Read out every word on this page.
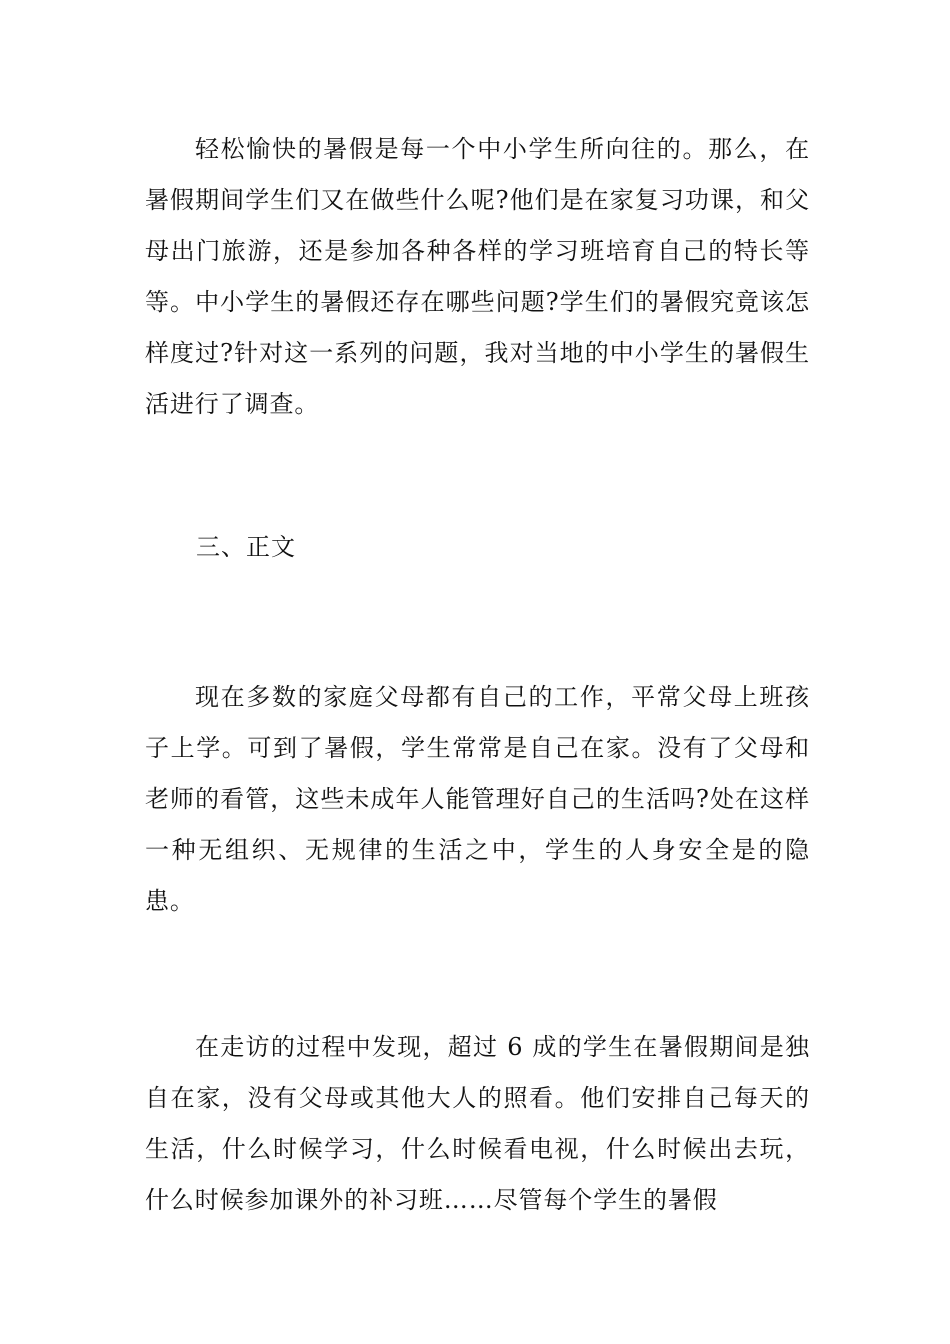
轻松愉快的暑假是每一个中小学生所向往的。那么，在暑假期间学生们又在做些什么呢?他们是在家复习功课，和父母出门旅游，还是参加各种各样的学习班培育自己的特长等等。中小学生的暑假还存在哪些问题?学生们的暑假究竟该怎样度过?针对这一系列的问题，我对当地的中小学生的暑假生活进行了调查。

三、正文

现在多数的家庭父母都有自己的工作，平常父母上班孩子上学。可到了暑假，学生常常是自己在家。没有了父母和老师的看管，这些未成年人能管理好自己的生活吗?处在这样一种无组织、无规律的生活之中，学生的人身安全是的隐患。

在走访的过程中发现，超过 6 成的学生在暑假期间是独自在家，没有父母或其他大人的照看。他们安排自己每天的生活，什么时候学习，什么时候看电视，什么时候出去玩，什么时候参加课外的补习班……尽管每个学生的暑假
